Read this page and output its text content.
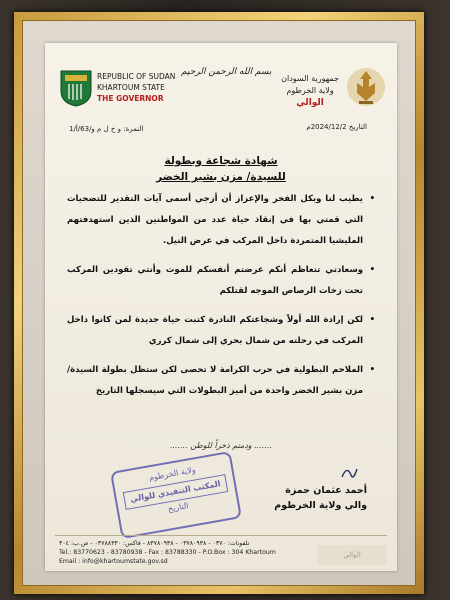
REPUBLIC OF SUDAN
KHARTOUM STATE
THE GOVERNOR
بسم الله الرحمن الرحيم
جمهورية السودان
ولاية الخرطوم
الوالي
النمرة: و خ ل م و/63/أ/1	التاريخ 2024/12/2م
شهادة شجاعة وبطولة
للسيدة/ مزن بشير الخضر
• يطيب لنا وبكل الفخر والإعزاز أن أزجي أسمى آيات التقدير للتضحيات التي قمتي بها في إنقاذ حياة عدد من المواطنين الذين استهدفتهم المليشيا المتمردة داخل المركب في عرض النيل.
• وسعادتي تتعاظم أنكم عرضتم أنفسكم للموت وأنتي تقودين المركب تحت زخات الرصاص الموجه لقتلكم
• لكن إرادة الله أولاً وشجاعتكم النادرة كتبت حياة جديدة لمن كانوا داخل المركب في رحلته من شمال بحري إلى شمال كرري
• الملاحم البطولية في حرب الكرامة لا تحصى لكن ستظل بطولة السيدة/ مزن بشير الخضر واحدة من أميز البطولات التي سيسجلها التاريخ
....... ودمتم ذخراً للوطن .......
أحمد عثمان حمزة
والي ولاية الخرطوم
ولاية الخرطوم
المكتب التنفيذي للوالي
التاريخ
تلفونات: ٠٣٧٠ - ٠٣٧٨٠٩٣٨ - ٨٣٧٨٠٩٣٨ - فاكس: ٠٣٧٨٨٣٣٠ - ص.ب: ٣٠٤
Tel.: 83770623 - 83780938 - Fax : 83788330 - P.O.Box : 304 Khartoum
Email : info@khartoumstate.gov.sd
الوالي
